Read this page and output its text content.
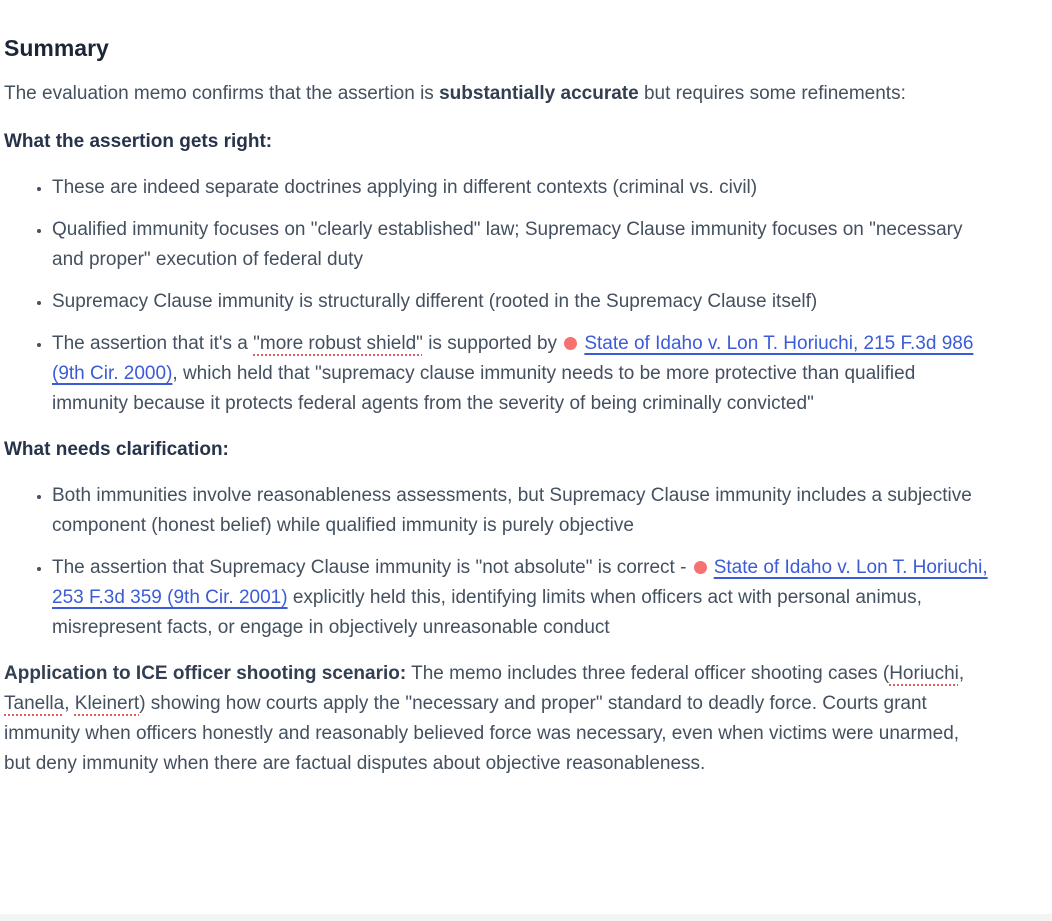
Summary

The evaluation memo confirms that the assertion is substantially accurate but requires some refinements:

What the assertion gets right:
• These are indeed separate doctrines applying in different contexts (criminal vs. civil)
• Qualified immunity focuses on "clearly established" law; Supremacy Clause immunity focuses on "necessary and proper" execution of federal duty
• Supremacy Clause immunity is structurally different (rooted in the Supremacy Clause itself)
• The assertion that it's a "more robust shield" is supported by State of Idaho v. Lon T. Horiuchi, 215 F.3d 986 (9th Cir. 2000), which held that "supremacy clause immunity needs to be more protective than qualified immunity because it protects federal agents from the severity of being criminally convicted"
What needs clarification:
• Both immunities involve reasonableness assessments, but Supremacy Clause immunity includes a subjective component (honest belief) while qualified immunity is purely objective
• The assertion that Supremacy Clause immunity is "not absolute" is correct - State of Idaho v. Lon T. Horiuchi, 253 F.3d 359 (9th Cir. 2001) explicitly held this, identifying limits when officers act with personal animus, misrepresent facts, or engage in objectively unreasonable conduct

Application to ICE officer shooting scenario: The memo includes three federal officer shooting cases (Horiuchi, Tanella, Kleinert) showing how courts apply the "necessary and proper" standard to deadly force. Courts grant immunity when officers honestly and reasonably believed force was necessary, even when victims were unarmed, but deny immunity when there are factual disputes about objective reasonableness.
